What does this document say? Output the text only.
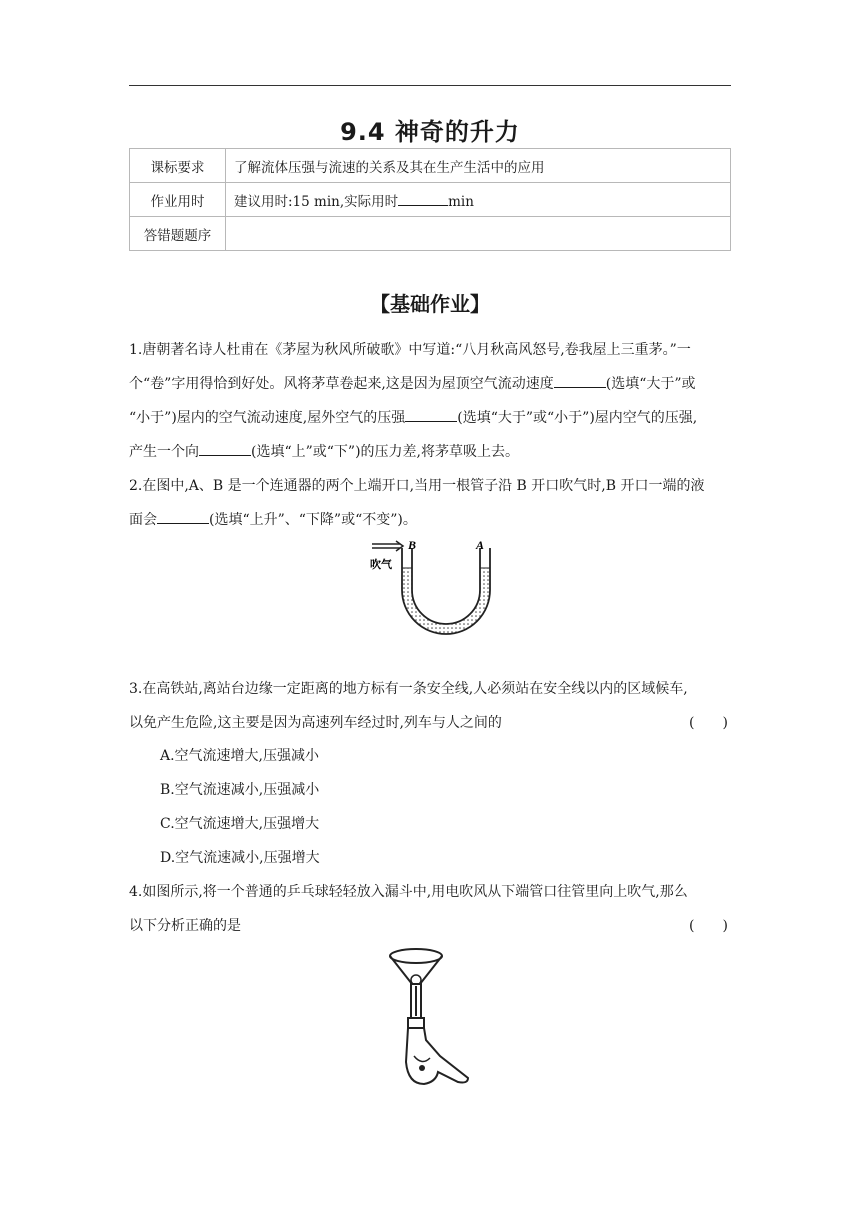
9.4 神奇的升力
课标要求	了解流体压强与流速的关系及其在生产生活中的应用
作业用时	建议用时:15 min,实际用时 min
答错题题序	
【基础作业】
1.唐朝著名诗人杜甫在《茅屋为秋风所破歌》中写道:“八月秋高风怒号,卷我屋上三重茅。”一
个“卷”字用得恰到好处。风将茅草卷起来,这是因为屋顶空气流动速度	(选填“大于”或
“小于”)屋内的空气流动速度,屋外空气的压强	(选填“大于”或“小于”)屋内空气的压强,
产生一个向	(选填“上”或“下”)的压力差,将茅草吸上去。
2.在图中,A、B 是一个连通器的两个上端开口,当用一根管子沿 B 开口吹气时,B 开口一端的液
面会	(选填“上升”、“下降”或“不变”)。
B	A
吹气
3.在高铁站,离站台边缘一定距离的地方标有一条安全线,人必须站在安全线以内的区域候车,
以免产生危险,这主要是因为高速列车经过时,列车与人之间的	(　　)
A.空气流速增大,压强减小
B.空气流速减小,压强减小
C.空气流速增大,压强增大
D.空气流速减小,压强增大
4.如图所示,将一个普通的乒乓球轻轻放入漏斗中,用电吹风从下端管口往管里向上吹气,那么
以下分析正确的是	(　　)
